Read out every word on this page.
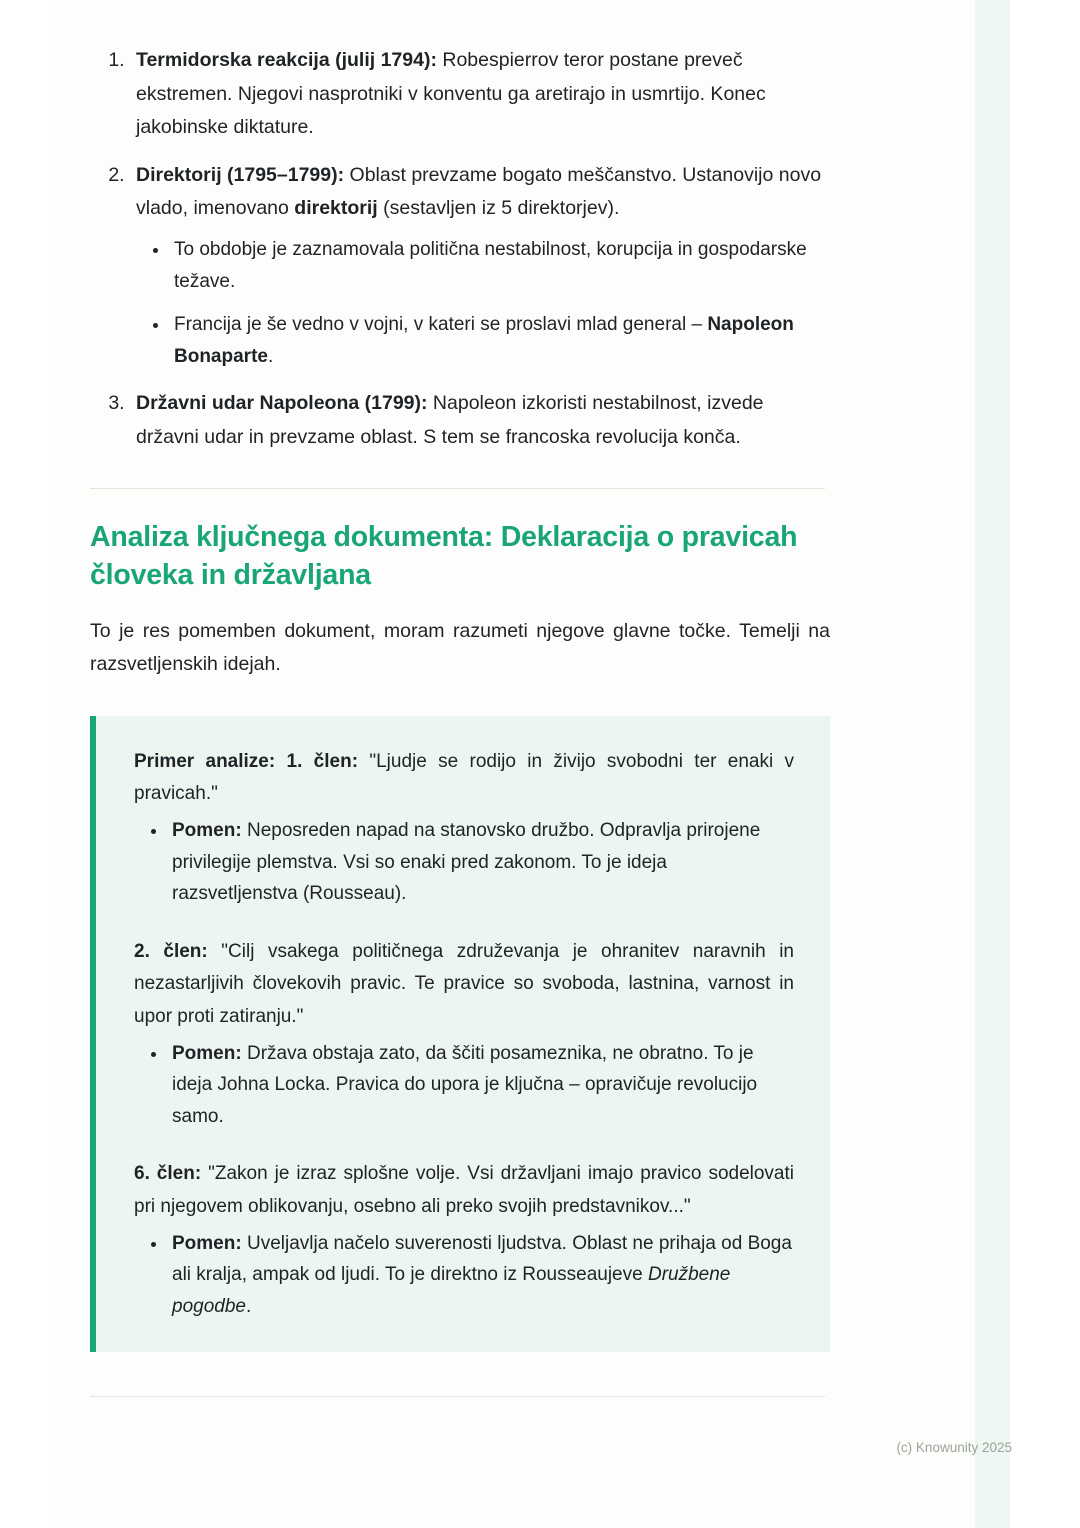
1. Termidorska reakcija (julij 1794): Robespierrov teror postane preveč ekstremen. Njegovi nasprotniki v konventu ga aretirajo in usmrtijo. Konec jakobinske diktature.
2. Direktorij (1795–1799): Oblast prevzame bogato meščanstvo. Ustanovijo novo vlado, imenovano direktorij (sestavljen iz 5 direktorjev).
• To obdobje je zaznamovala politična nestabilnost, korupcija in gospodarske težave.
• Francija je še vedno v vojni, v kateri se proslavi mlad general – Napoleon Bonaparte.
3. Državni udar Napoleona (1799): Napoleon izkoristi nestabilnost, izvede državni udar in prevzame oblast. S tem se francoska revolucija konča.
Analiza ključnega dokumenta: Deklaracija o pravicah človeka in državljana

To je res pomemben dokument, moram razumeti njegove glavne točke. Temelji na razsvetljenskih idejah.

Primer analize: 1. člen: "Ljudje se rodijo in živijo svobodni ter enaki v pravicah."

• Pomen: Neposreden napad na stanovsko družbo. Odpravlja prirojene privilegije plemstva. Vsi so enaki pred zakonom. To je ideja razsvetljenstva (Rousseau).

2. člen: "Cilj vsakega političnega združevanja je ohranitev naravnih in nezastarljivih človekovih pravic. Te pravice so svoboda, lastnina, varnost in upor proti zatiranju."

• Pomen: Država obstaja zato, da ščiti posameznika, ne obratno. To je ideja Johna Locka. Pravica do upora je ključna – opravičuje revolucijo samo.

6. člen: "Zakon je izraz splošne volje. Vsi državljani imajo pravico sodelovati pri njegovem oblikovanju, osebno ali preko svojih predstavnikov..."

• Pomen: Uveljavlja načelo suverenosti ljudstva. Oblast ne prihaja od Boga ali kralja, ampak od ljudi. To je direktno iz Rousseaujeve Družbene pogodbe.
(c) Knowunity 2025
